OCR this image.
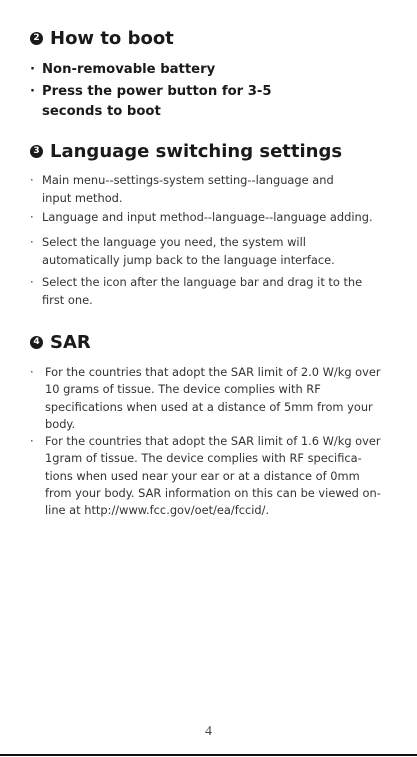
2 How to boot
· Non-removable battery
· Press the power button for 3-5 seconds to boot
3 Language switching settings
· Main menu--settings-system setting--language and input method.
· Language and input method--language--language adding.
· Select the language you need, the system will automatically jump back to the language interface.
· Select the icon after the language bar and drag it to the first one.
4 SAR
· For the countries that adopt the SAR limit of 2.0 W/kg over 10 grams of tissue. The device complies with RF specifications when used at a distance of 5mm from your body.
· For the countries that adopt the SAR limit of 1.6 W/kg over 1gram of tissue. The device complies with RF specifica-tions when used near your ear or at a distance of 0mm from your body. SAR information on this can be viewed on-line at http://www.fcc.gov/oet/ea/fccid/.
4
